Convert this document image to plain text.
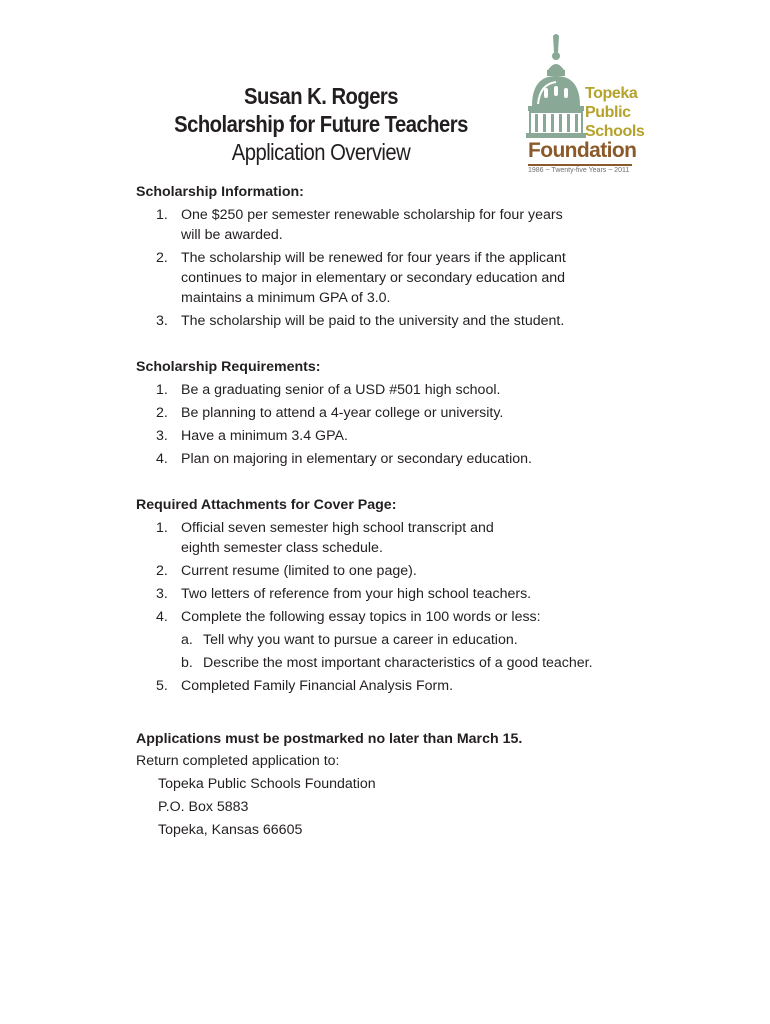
Susan K. Rogers
Scholarship for Future Teachers
Application Overview
Topeka
Public
Schools
Foundation
1986 ~ Twenty-five Years ~ 2011
Scholarship Information:
1. One $250 per semester renewable scholarship for four years
will be awarded.
2. The scholarship will be renewed for four years if the applicant
continues to major in elementary or secondary education and
maintains a minimum GPA of 3.0.
3. The scholarship will be paid to the university and the student.
Scholarship Requirements:
1. Be a graduating senior of a USD #501 high school.
2. Be planning to attend a 4-year college or university.
3. Have a minimum 3.4 GPA.
4. Plan on majoring in elementary or secondary education.
Required Attachments for Cover Page:
1. Official seven semester high school transcript and
eighth semester class schedule.
2. Current resume (limited to one page).
3. Two letters of reference from your high school teachers.
4. Complete the following essay topics in 100 words or less:
a. Tell why you want to pursue a career in education.
b. Describe the most important characteristics of a good teacher.
5. Completed Family Financial Analysis Form.

Applications must be postmarked no later than March 15.

Return completed application to:

Topeka Public Schools Foundation
P.O. Box 5883
Topeka, Kansas 66605
